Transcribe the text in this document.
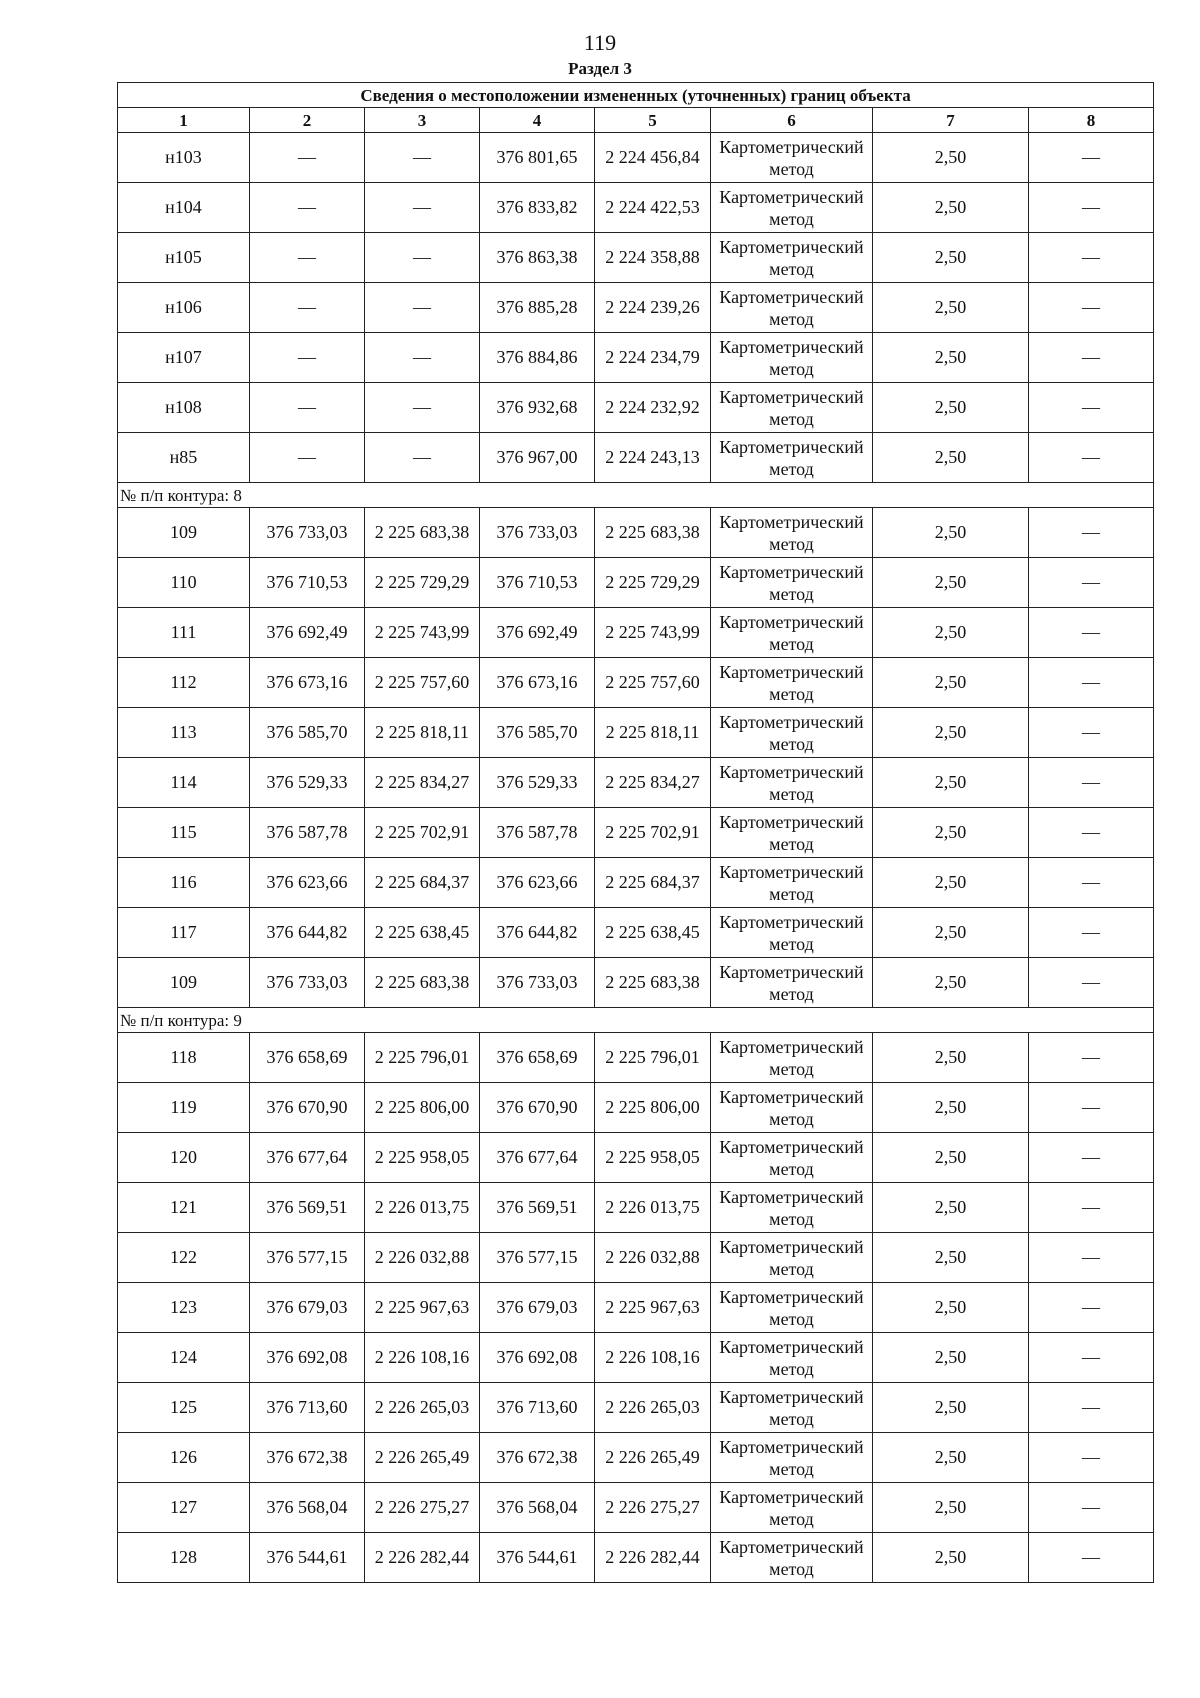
119
Раздел 3
Сведения о местоположении измененных (уточненных) границ объекта							
1	2	3	4	5	6	7	8
н103	—	—	376 801,65	2 224 456,84	Картометрический метод	2,50	—
н104	—	—	376 833,82	2 224 422,53	Картометрический метод	2,50	—
н105	—	—	376 863,38	2 224 358,88	Картометрический метод	2,50	—
н106	—	—	376 885,28	2 224 239,26	Картометрический метод	2,50	—
н107	—	—	376 884,86	2 224 234,79	Картометрический метод	2,50	—
н108	—	—	376 932,68	2 224 232,92	Картометрический метод	2,50	—
н85	—	—	376 967,00	2 224 243,13	Картометрический метод	2,50	—
№ п/п контура: 8							
109	376 733,03	2 225 683,38	376 733,03	2 225 683,38	Картометрический метод	2,50	—
110	376 710,53	2 225 729,29	376 710,53	2 225 729,29	Картометрический метод	2,50	—
111	376 692,49	2 225 743,99	376 692,49	2 225 743,99	Картометрический метод	2,50	—
112	376 673,16	2 225 757,60	376 673,16	2 225 757,60	Картометрический метод	2,50	—
113	376 585,70	2 225 818,11	376 585,70	2 225 818,11	Картометрический метод	2,50	—
114	376 529,33	2 225 834,27	376 529,33	2 225 834,27	Картометрический метод	2,50	—
115	376 587,78	2 225 702,91	376 587,78	2 225 702,91	Картометрический метод	2,50	—
116	376 623,66	2 225 684,37	376 623,66	2 225 684,37	Картометрический метод	2,50	—
117	376 644,82	2 225 638,45	376 644,82	2 225 638,45	Картометрический метод	2,50	—
109	376 733,03	2 225 683,38	376 733,03	2 225 683,38	Картометрический метод	2,50	—
№ п/п контура: 9							
118	376 658,69	2 225 796,01	376 658,69	2 225 796,01	Картометрический метод	2,50	—
119	376 670,90	2 225 806,00	376 670,90	2 225 806,00	Картометрический метод	2,50	—
120	376 677,64	2 225 958,05	376 677,64	2 225 958,05	Картометрический метод	2,50	—
121	376 569,51	2 226 013,75	376 569,51	2 226 013,75	Картометрический метод	2,50	—
122	376 577,15	2 226 032,88	376 577,15	2 226 032,88	Картометрический метод	2,50	—
123	376 679,03	2 225 967,63	376 679,03	2 225 967,63	Картометрический метод	2,50	—
124	376 692,08	2 226 108,16	376 692,08	2 226 108,16	Картометрический метод	2,50	—
125	376 713,60	2 226 265,03	376 713,60	2 226 265,03	Картометрический метод	2,50	—
126	376 672,38	2 226 265,49	376 672,38	2 226 265,49	Картометрический метод	2,50	—
127	376 568,04	2 226 275,27	376 568,04	2 226 275,27	Картометрический метод	2,50	—
128	376 544,61	2 226 282,44	376 544,61	2 226 282,44	Картометрический метод	2,50	—
